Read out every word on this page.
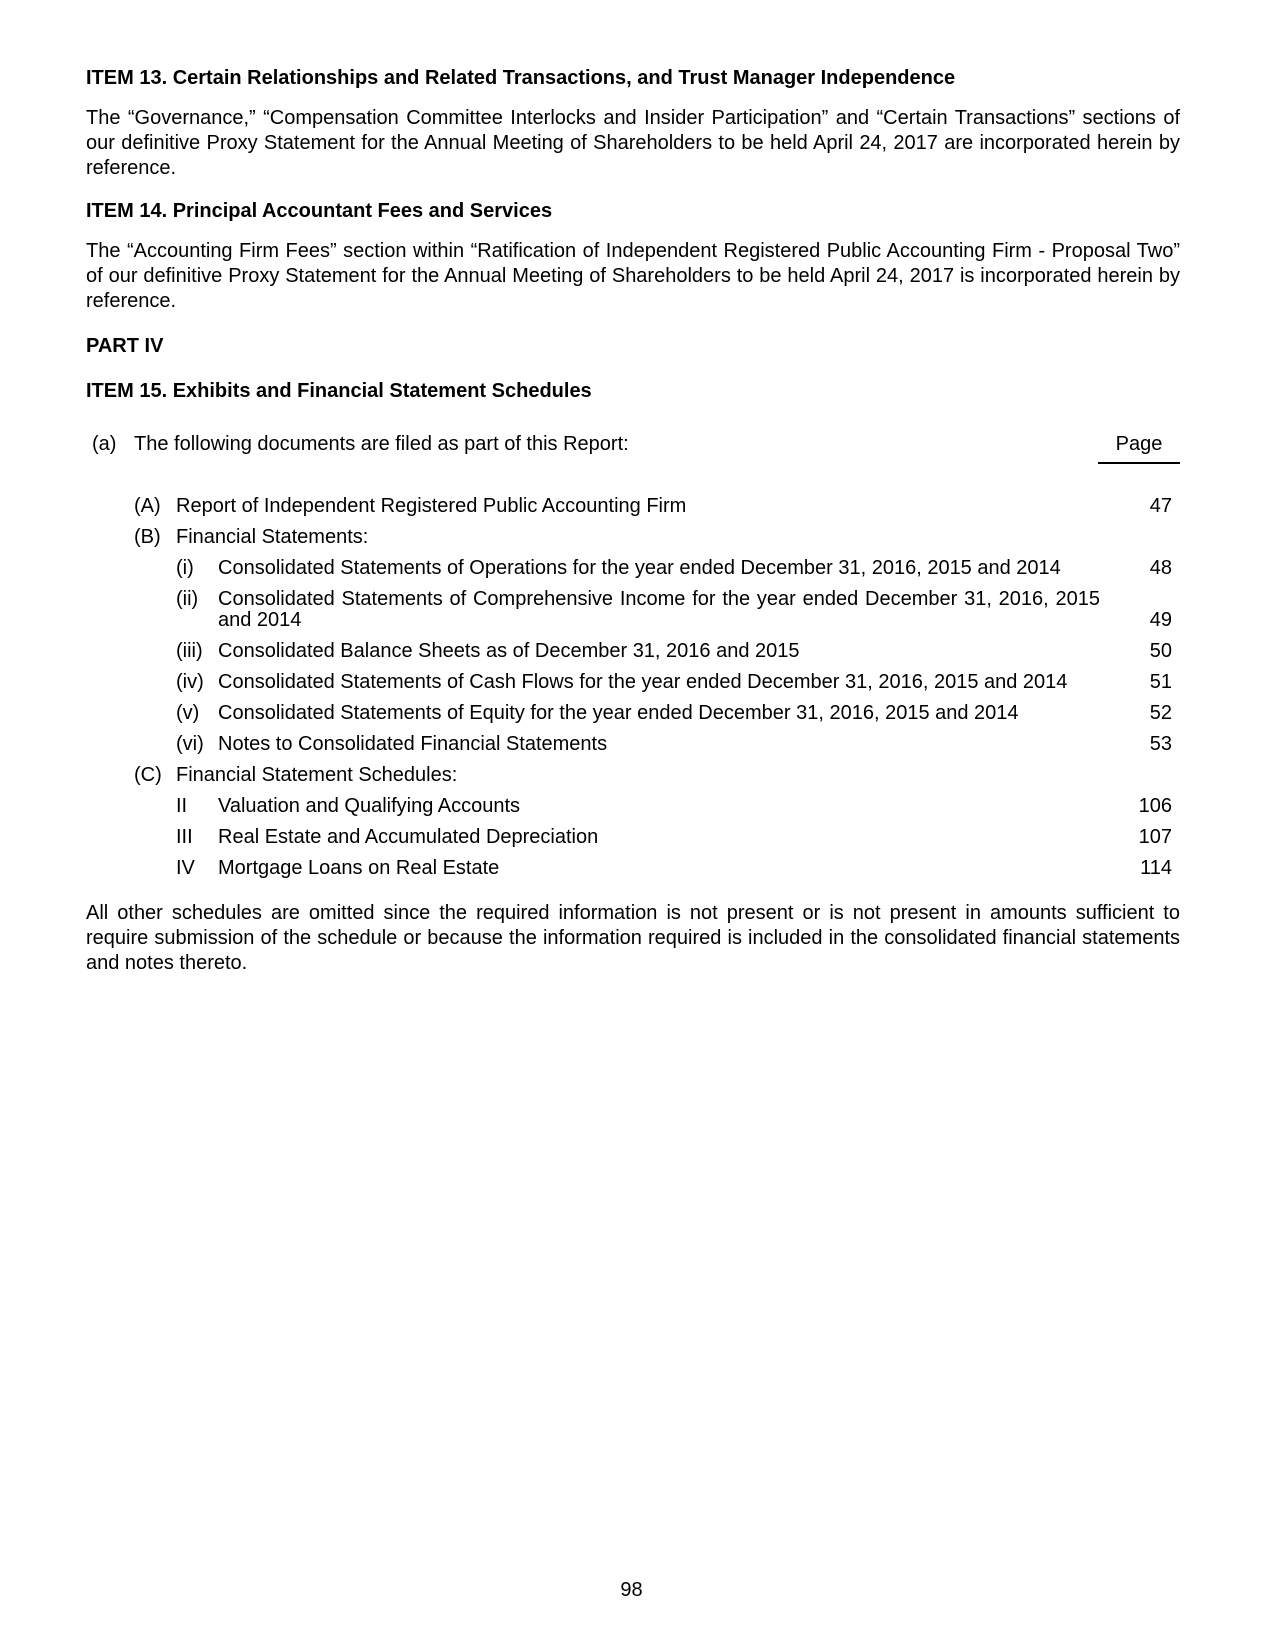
ITEM 13. Certain Relationships and Related Transactions, and Trust Manager Independence

The “Governance,” “Compensation Committee Interlocks and Insider Participation” and “Certain Transactions” sections of our definitive Proxy Statement for the Annual Meeting of Shareholders to be held April 24, 2017 are incorporated herein by reference.

ITEM 14. Principal Accountant Fees and Services

The “Accounting Firm Fees” section within “Ratification of Independent Registered Public Accounting Firm - Proposal Two” of our definitive Proxy Statement for the Annual Meeting of Shareholders to be held April 24, 2017 is incorporated herein by reference.

PART IV

ITEM 15. Exhibits and Financial Statement Schedules

(a) The following documents are filed as part of this Report:	Page
(A) Report of Independent Registered Public Accounting Firm	47
(B) Financial Statements:
(i) Consolidated Statements of Operations for the year ended December 31, 2016, 2015 and 2014	48
(ii) Consolidated Statements of Comprehensive Income for the year ended December 31, 2016, 2015 and 2014	49
(iii) Consolidated Balance Sheets as of December 31, 2016 and 2015	50
(iv) Consolidated Statements of Cash Flows for the year ended December 31, 2016, 2015 and 2014	51
(v) Consolidated Statements of Equity for the year ended December 31, 2016, 2015 and 2014	52
(vi) Notes to Consolidated Financial Statements	53
(C) Financial Statement Schedules:
II Valuation and Qualifying Accounts	106
III Real Estate and Accumulated Depreciation	107
IV Mortgage Loans on Real Estate	114

All other schedules are omitted since the required information is not present or is not present in amounts sufficient to require submission of the schedule or because the information required is included in the consolidated financial statements and notes thereto.

98
